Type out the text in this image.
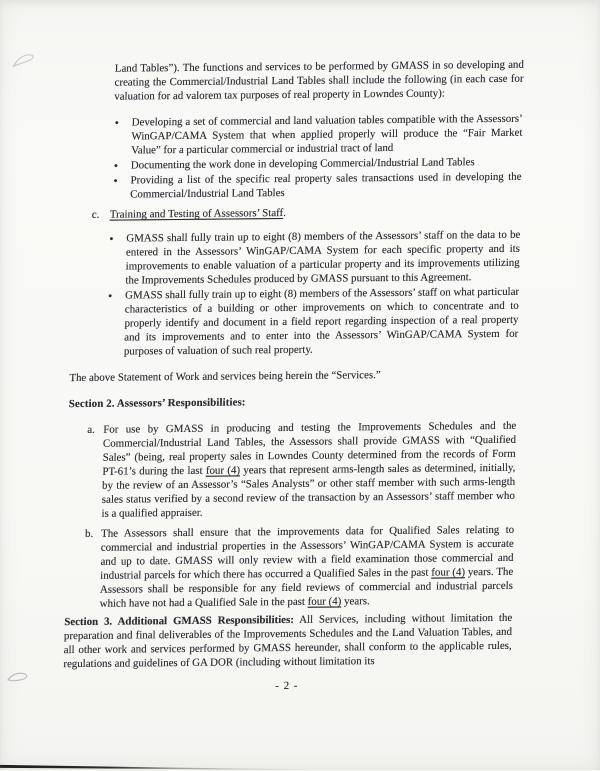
Land Tables”). The functions and services to be performed by GMASS in so developing and creating the Commercial/Industrial Land Tables shall include the following (in each case for valuation for ad valorem tax purposes of real property in Lowndes County):

• Developing a set of commercial and land valuation tables compatible with the Assessors’ WinGAP/CAMA System that when applied properly will produce the “Fair Market Value” for a particular commercial or industrial tract of land
• Documenting the work done in developing Commercial/Industrial Land Tables
• Providing a list of the specific real property sales transactions used in developing the Commercial/Industrial Land Tables
c. Training and Testing of Assessors’ Staff.
• GMASS shall fully train up to eight (8) members of the Assessors’ staff on the data to be entered in the Assessors’ WinGAP/CAMA System for each specific property and its improvements to enable valuation of a particular property and its improvements utilizing the Improvements Schedules produced by GMASS pursuant to this Agreement.
• GMASS shall fully train up to eight (8) members of the Assessors’ staff on what particular characteristics of a building or other improvements on which to concentrate and to properly identify and document in a field report regarding inspection of a real property and its improvements and to enter into the Assessors’ WinGAP/CAMA System for purposes of valuation of such real property.

The above Statement of Work and services being herein the “Services.”

Section 2. Assessors’ Responsibilities:
a. For use by GMASS in producing and testing the Improvements Schedules and the Commercial/Industrial Land Tables, the Assessors shall provide GMASS with “Qualified Sales” (being, real property sales in Lowndes County determined from the records of Form PT-61’s during the last four (4) years that represent arms-length sales as determined, initially, by the review of an Assessor’s “Sales Analysts” or other staff member with such arms-length sales status verified by a second review of the transaction by an Assessors’ staff member who is a qualified appraiser.
b. The Assessors shall ensure that the improvements data for Qualified Sales relating to commercial and industrial properties in the Assessors’ WinGAP/CAMA System is accurate and up to date. GMASS will only review with a field examination those commercial and industrial parcels for which there has occurred a Qualified Sales in the past four (4) years. The Assessors shall be responsible for any field reviews of commercial and industrial parcels which have not had a Qualified Sale in the past four (4) years.

Section 3. Additional GMASS Responsibilities: All Services, including without limitation the preparation and final deliverables of the Improvements Schedules and the Land Valuation Tables, and all other work and services performed by GMASS hereunder, shall conform to the applicable rules, regulations and guidelines of GA DOR (including without limitation its

- 2 -
